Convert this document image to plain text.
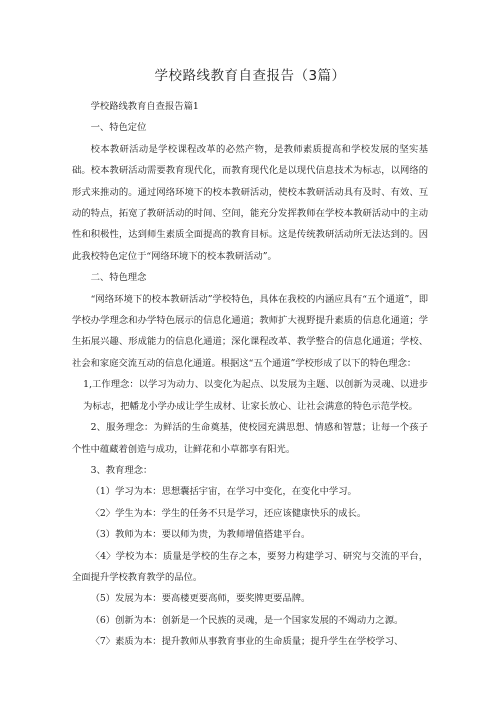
学校路线教育自查报告（3篇）

学校路线教育自查报告篇1

一、特色定位

校本教研活动是学校课程改革的必然产物，是教师素质提高和学校发展的坚实基础。校本教研活动需要教育现代化，而教育现代化是以现代信息技术为标志，以网络的形式来推动的。通过网络环境下的校本教研活动，使校本教研活动具有及时、有效、互动的特点，拓宽了教研活动的时间、空间，能充分发挥教师在学校本教研活动中的主动性和积极性，达到师生素质全面提高的教育目标。这是传统教研活动所无法达到的。因此我校特色定位于“网络环境下的校本教研活动”。

二、特色理念

“网络环境下的校本教研活动”学校特色，具体在我校的内涵应具有“五个通道”，即学校办学理念和办学特色展示的信息化通道；教师扩大视野提升素质的信息化通道；学生拓展兴趣、形成能力的信息化通道；深化课程改革、教学整合的信息化通道；学校、社会和家庭交流互动的信息化通道。根据这“五个通道”学校形成了以下的特色理念：

1,工作理念：以学习为动力、以变化为起点、以发展为主题、以创新为灵魂、以进步为标志，把幡龙小学办成让学生成材、让家长放心、让社会满意的特色示范学校。

2、服务理念：为鲜活的生命奠基，使校园充满思想、情感和智慧；让每一个孩子个性中蕴藏着创造与成功，让鲜花和小草都享有阳光。

3、教育理念：

（1）学习为本：思想囊括宇宙，在学习中变化，在变化中学习。

〈2〉学生为本：学生的任务不只是学习，还应该健康快乐的成长。

（3）教师为本：要以师为贵，为教师增值搭建平台。

〈4〉学校为本：质量是学校的生存之本，要努力构建学习、研究与交流的平台，全面提升学校教育教学的品位。

（5）发展为本：要高楼更要高师，要奖牌更要品牌。

（6）创新为本：创新是一个民族的灵魂，是一个国家发展的不竭动力之源。

〈7〉素质为本：提升教师从事教育事业的生命质量；提升学生在学校学习、
